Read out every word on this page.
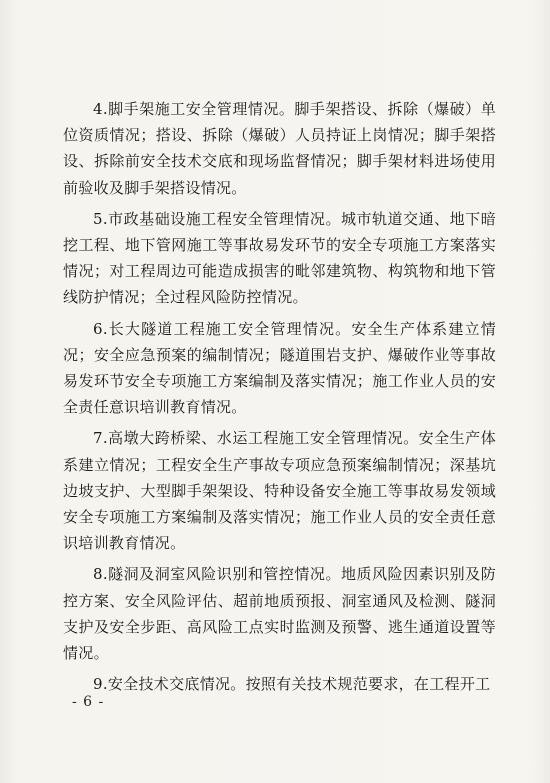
4.脚手架施工安全管理情况。脚手架搭设、拆除（爆破）单位资质情况；搭设、拆除（爆破）人员持证上岗情况；脚手架搭设、拆除前安全技术交底和现场监督情况；脚手架材料进场使用前验收及脚手架搭设情况。

5.市政基础设施工程安全管理情况。城市轨道交通、地下暗挖工程、地下管网施工等事故易发环节的安全专项施工方案落实情况；对工程周边可能造成损害的毗邻建筑物、构筑物和地下管线防护情况；全过程风险防控情况。

6.长大隧道工程施工安全管理情况。安全生产体系建立情况；安全应急预案的编制情况；隧道围岩支护、爆破作业等事故易发环节安全专项施工方案编制及落实情况；施工作业人员的安全责任意识培训教育情况。

7.高墩大跨桥梁、水运工程施工安全管理情况。安全生产体系建立情况；工程安全生产事故专项应急预案编制情况；深基坑边坡支护、大型脚手架架设、特种设备安全施工等事故易发领域安全专项施工方案编制及落实情况；施工作业人员的安全责任意识培训教育情况。

8.隧洞及洞室风险识别和管控情况。地质风险因素识别及防控方案、安全风险评估、超前地质预报、洞室通风及检测、隧洞支护及安全步距、高风险工点实时监测及预警、逃生通道设置等情况。

9.安全技术交底情况。按照有关技术规范要求，在工程开工

- 6 -
